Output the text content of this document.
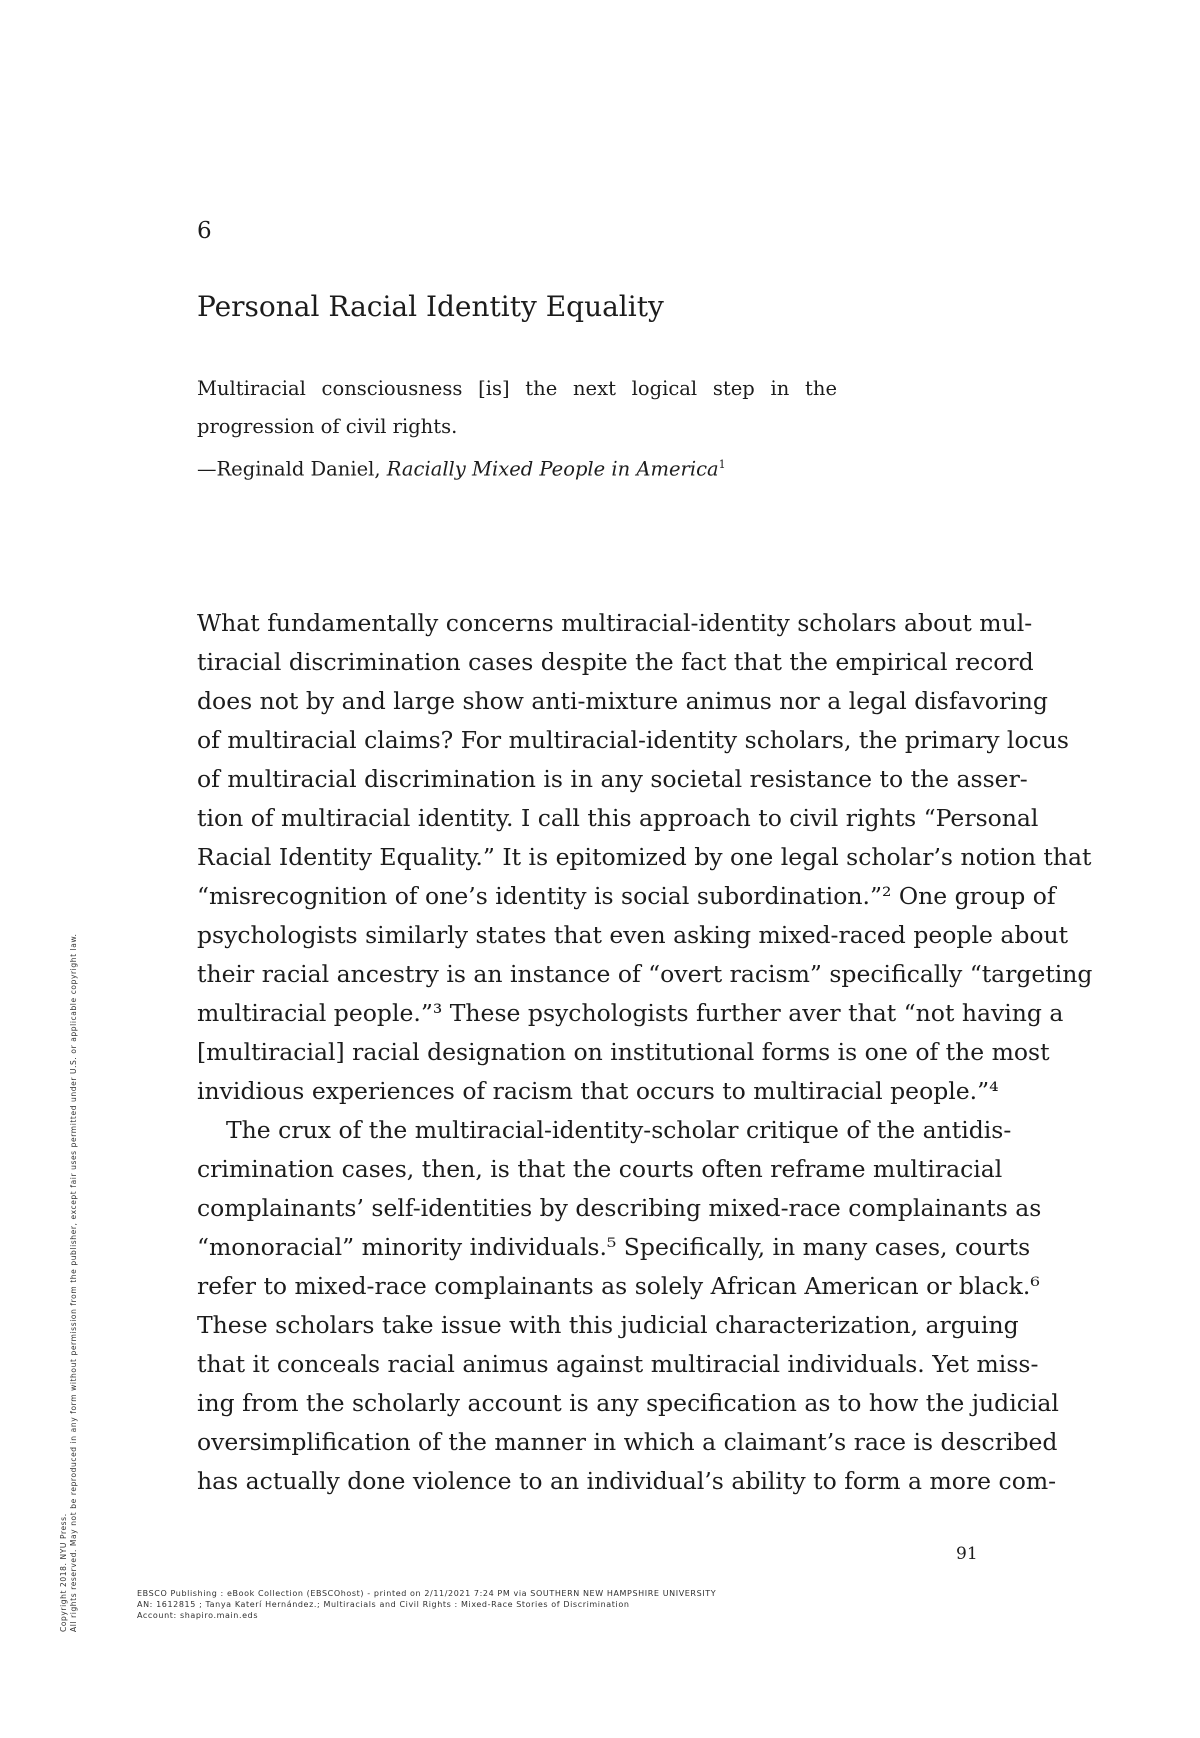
6
Personal Racial Identity Equality

Multiracial consciousness [is] the next logical step in the

progression of civil rights.

—Reginald Daniel, Racially Mixed People in America$^1$

What fundamentally concerns multiracial-identity scholars about mul-
tiracial discrimination cases despite the fact that the empirical record
does not by and large show anti-mixture animus nor a legal disfavoring
of multiracial claims? For multiracial-identity scholars, the primary locus
of multiracial discrimination is in any societal resistance to the asser-
tion of multiracial identity. I call this approach to civil rights “Personal
Racial Identity Equality.” It is epitomized by one legal scholar’s notion that
“misrecognition of one’s identity is social subordination.”² One group of
psychologists similarly states that even asking mixed-raced people about
their racial ancestry is an instance of “overt racism” specifically “targeting
multiracial people.”³ These psychologists further aver that “not having a
[multiracial] racial designation on institutional forms is one of the most
invidious experiences of racism that occurs to multiracial people.”⁴
The crux of the multiracial-identity-scholar critique of the antidis-
crimination cases, then, is that the courts often reframe multiracial
complainants’ self-identities by describing mixed-race complainants as
“monoracial” minority individuals.⁵ Specifically, in many cases, courts
refer to mixed-race complainants as solely African American or black.⁶
These scholars take issue with this judicial characterization, arguing
that it conceals racial animus against multiracial individuals. Yet miss-
ing from the scholarly account is any specification as to how the judicial
oversimplification of the manner in which a claimant’s race is described
has actually done violence to an individual’s ability to form a more com-
91
Copyright 2018. NYU Press. All rights reserved. May not be reproduced in any form without permission from the publisher, except fair uses permitted under U.S. or applicable copyright law.	EBSCO Publishing : eBook Collection (EBSCOhost) - printed on 2/11/2021 7:24 PM via SOUTHERN NEW HAMPSHIRE UNIVERSITY
AN: 1612815 ; Tanya Katerí Hernández.; Multiracials and Civil Rights : Mixed-Race Stories of Discrimination
Account: shapiro.main.eds
